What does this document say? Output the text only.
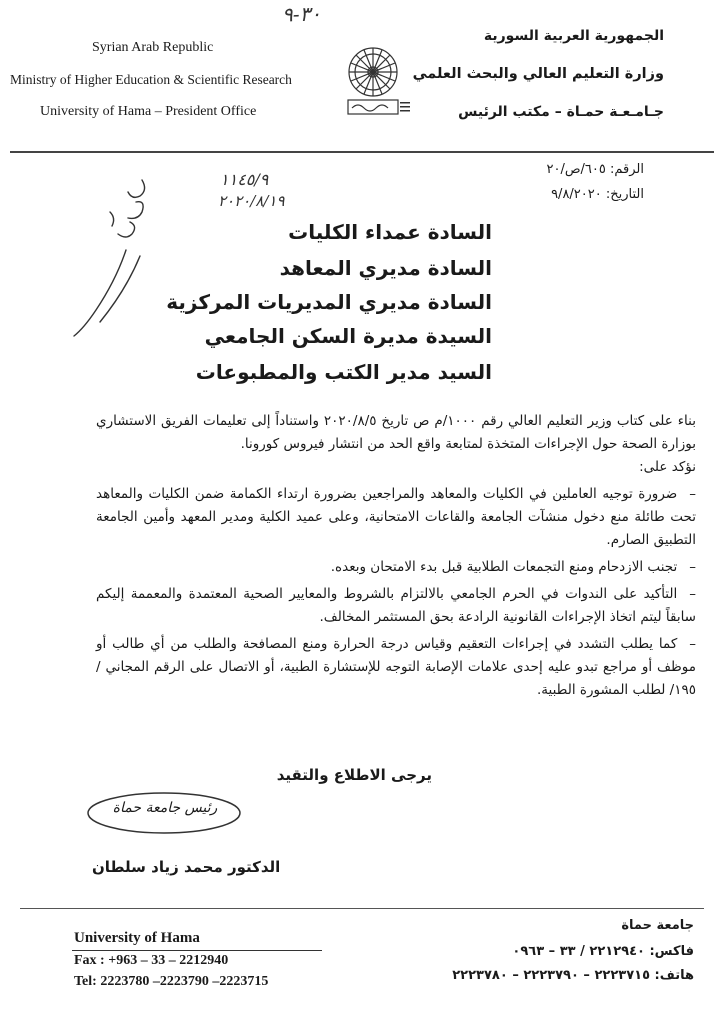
Syrian Arab Republic
Ministry of Higher Education & Scientific Research
University of Hama – President Office
الجمهورية العربية السورية
وزارة التعليم العالي والبحث العلمي
جـامـعـة حمـاة – مكتب الرئيس
٣٠-٩
١١٤٥/٩
٢٠٢٠/٨/١٩
الرقم: ٦٠٥/ص/٢٠
التاريخ: ٩/٨/٢٠٢٠
السادة عمداء الكليات
السادة مديري المعاهد
السادة مديري المديريات المركزية
السيدة مديرة السكن الجامعي
السيد مدير الكتب والمطبوعات

بناء على كتاب وزير التعليم العالي رقم ١٠٠٠/م ص تاريخ ٢٠٢٠/٨/٥ واستناداً إلى تعليمات الفريق الاستشاري بوزارة الصحة حول الإجراءات المتخذة لمتابعة واقع الحد من انتشار فيروس كورونا.

نؤكد على:

–ضرورة توجيه العاملين في الكليات والمعاهد والمراجعين بضرورة ارتداء الكمامة ضمن الكليات والمعاهد تحت طائلة منع دخول منشآت الجامعة والقاعات الامتحانية، وعلى عميد الكلية ومدير المعهد وأمين الجامعة التطبيق الصارم.

–تجنب الازدحام ومنع التجمعات الطلابية قبل بدء الامتحان وبعده.

–التأكيد على الندوات في الحرم الجامعي بالالتزام بالشروط والمعايير الصحية المعتمدة والمعممة إليكم سابقاً ليتم اتخاذ الإجراءات القانونية الرادعة بحق المستثمر المخالف.

–كما يطلب التشدد في إجراءات التعقيم وقياس درجة الحرارة ومنع المصافحة والطلب من أي طالب أو موظف أو مراجع تبدو عليه إحدى علامات الإصابة التوجه للإستشارة الطبية، أو الاتصال على الرقم المجاني /١٩٥/ لطلب المشورة الطبية.

يرجى الاطلاع والتقيد
رئيس جامعة حماة
الدكتور محمد زياد سلطان
University of Hama
Fax : +963 – 33 – 2212940
Tel: 2223780 –2223790 –2223715
جامعة حماة
فاكس: ٢٢١٢٩٤٠ / ٣٣ – ٠٩٦٣
هاتف: ٢٢٢٣٧١٥ – ٢٢٢٣٧٩٠ – ٢٢٢٣٧٨٠
